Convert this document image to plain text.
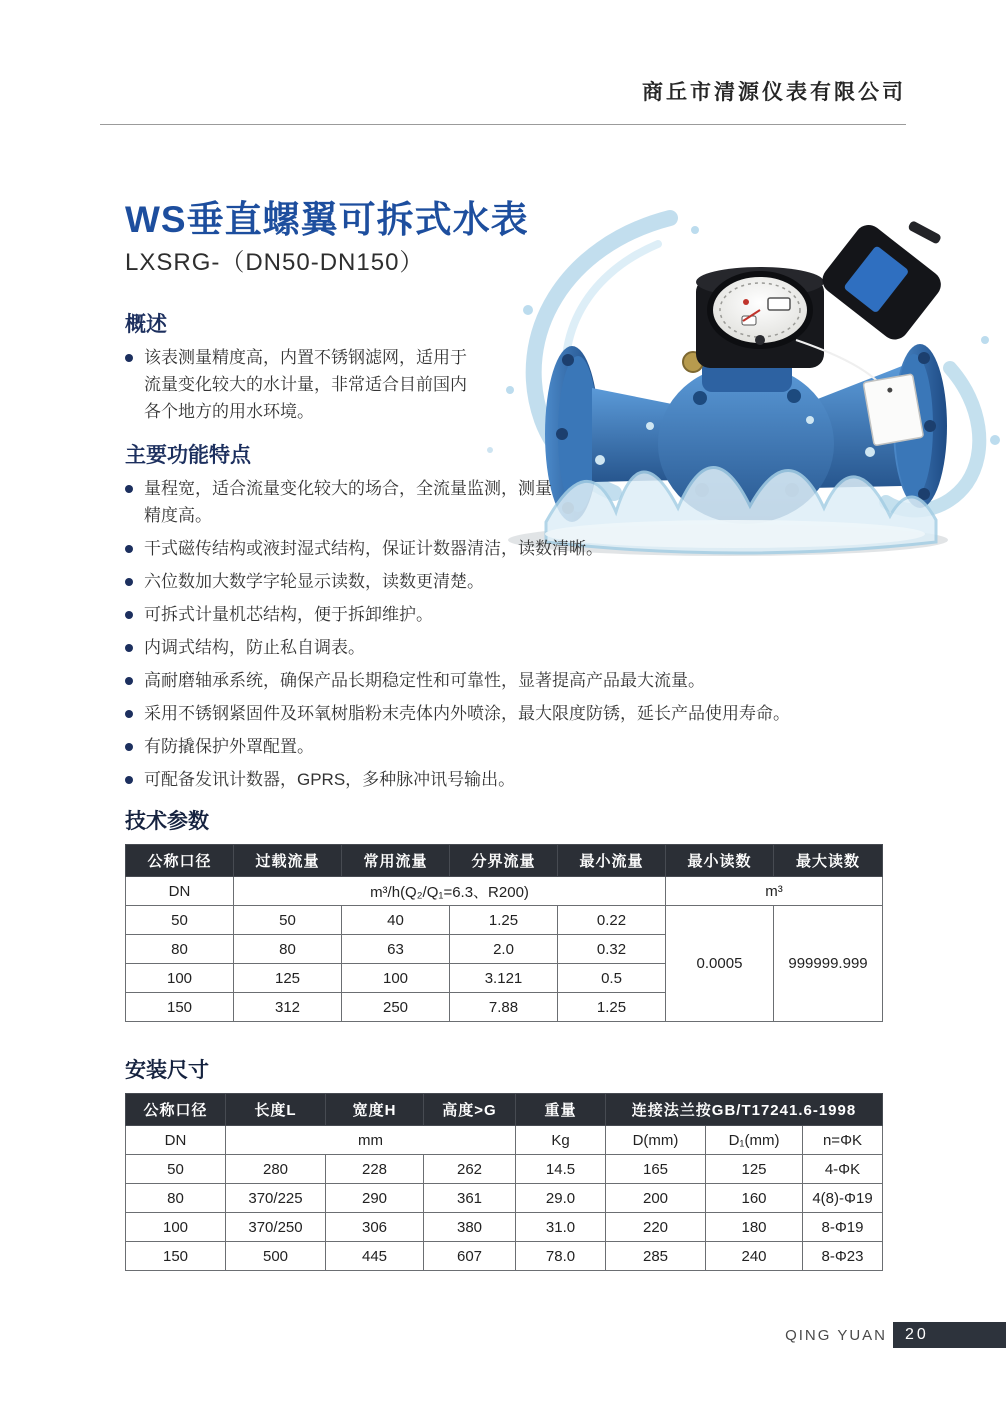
商丘市清源仪表有限公司
WS垂直螺翼可拆式水表
LXSRG-（DN50-DN150）
概述
该表测量精度高，内置不锈钢滤网，适用于流量变化较大的水计量，非常适合目前国内各个地方的用水环境。
主要功能特点
量程宽，适合流量变化较大的场合，全流量监测，测量精度高。
干式磁传结构或液封湿式结构，保证计数器清洁，读数清晰。
六位数加大数学字轮显示读数，读数更清楚。
可拆式计量机芯结构，便于拆卸维护。
内调式结构，防止私自调表。
高耐磨轴承系统，确保产品长期稳定性和可靠性，显著提高产品最大流量。
采用不锈钢紧固件及环氧树脂粉末壳体内外喷涂，最大限度防锈，延长产品使用寿命。
有防撬保护外罩配置。
可配备发讯计数器，GPRS，多种脉冲讯号输出。
技术参数
公称口径	过载流量	常用流量	分界流量	最小流量	最小读数	最大读数
DN	m³/h(Q₂/Q₁=6.3、R200)				m³	
50	50	40	1.25	0.22	0.0005	999999.999
80	80	63	2.0	0.32		
100	125	100	3.121	0.5		
150	312	250	7.88	1.25		
安装尺寸
公称口径	长度L	宽度H	高度>G	重量	连接法兰按GB/T17241.6-1998		
DN	mm			Kg	D(mm)	D₁(mm)	n=ΦK
50	280	228	262	14.5	165	125	4-ΦK
80	370/225	290	361	29.0	200	160	4(8)-Φ19
100	370/250	306	380	31.0	220	180	8-Φ19
150	500	445	607	78.0	285	240	8-Φ23
QING YUAN	20
